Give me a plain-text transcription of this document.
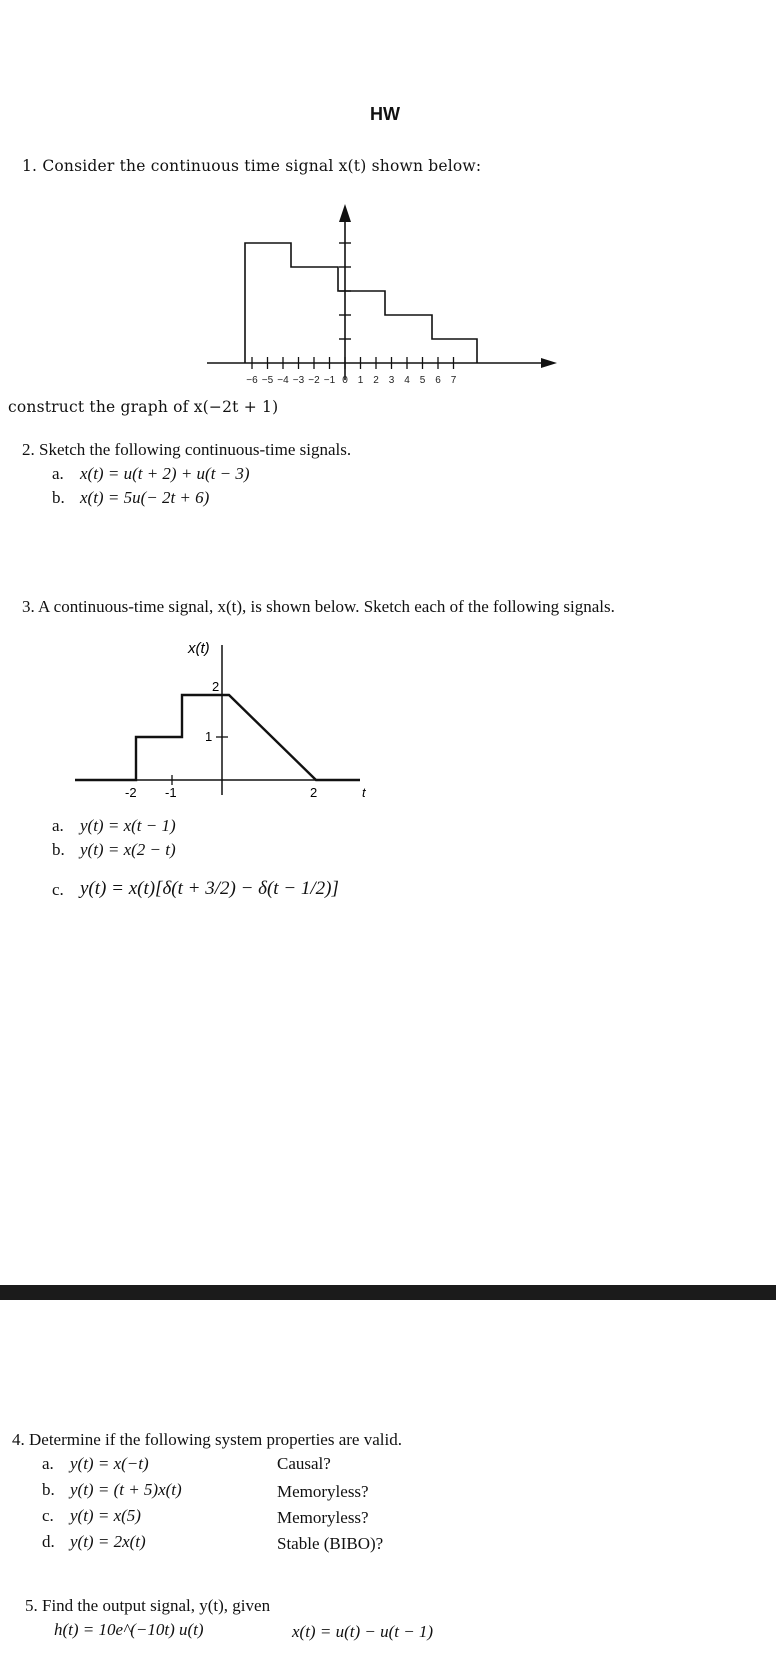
HW
1. Consider the continuous time signal x(t) shown below:
−6 −5 −4 −3 −2 −1 0 1 2 3 4 5 6 7
construct the graph of x(−2t + 1)
2. Sketch the following continuous-time signals.
a. x(t) = u(t + 2) + u(t − 3)
b. x(t) = 5u(− 2t + 6)
3. A continuous-time signal, x(t), is shown below. Sketch each of the following signals.
x(t)
2
1
-2 -1	2	t
a. y(t) = x(t − 1)
b. y(t) = x(2 − t)
c. y(t) = x(t)[δ(t + 3/2) − δ(t − 1/2)]
4. Determine if the following system properties are valid.
a. y(t) = x(−t)	Causal?
b. y(t) = (t + 5)x(t)	Memoryless?
c. y(t) = x(5)	Memoryless?
d. y(t) = 2x(t)	Stable (BIBO)?
5. Find the output signal, y(t), given
h(t) = 10e^(−10t) u(t)	x(t) = u(t) − u(t − 1)
